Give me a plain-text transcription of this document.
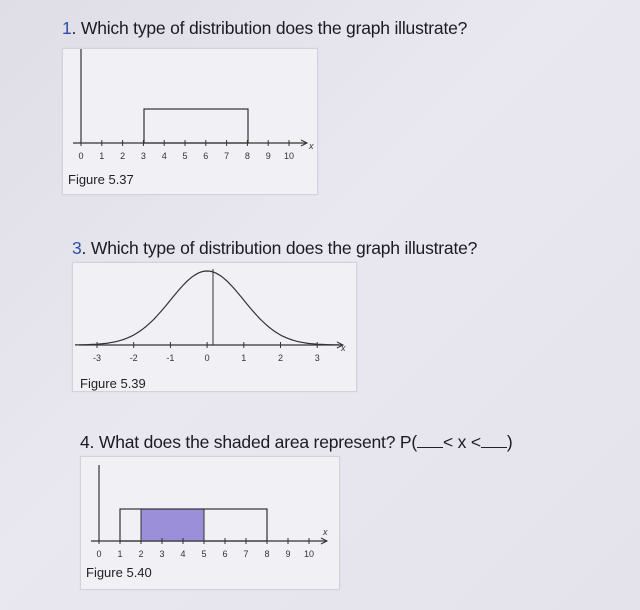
1. Which type of distribution does the graph illustrate?
0 1 2 3 4 5 6 7 8 9 10
x
Figure 5.37
3. Which type of distribution does the graph illustrate?
-3	-2	-1	0	1	2	3
x
Figure 5.39
4. What does the shaded area represent? P( < x < )
0 1 2 3 4 5 6 7 8 9 10
x
Figure 5.40
